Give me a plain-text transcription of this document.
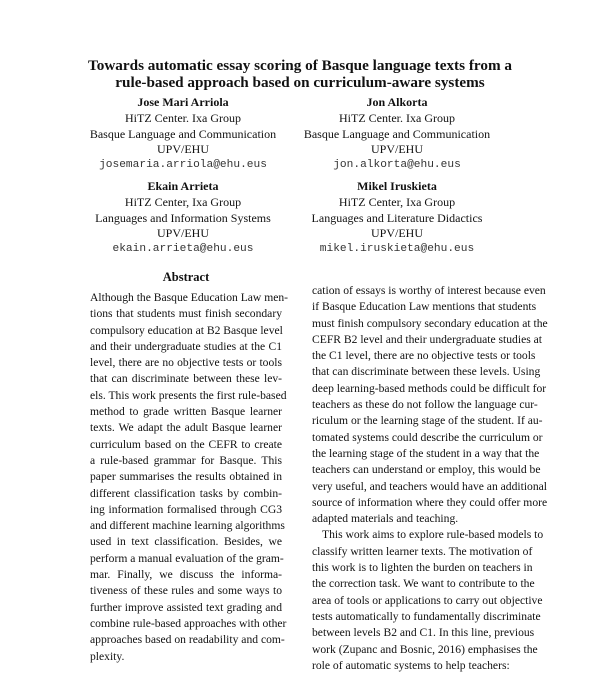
Towards automatic essay scoring of Basque language texts from a
rule-based approach based on curriculum-aware systems
Jose Mari Arriola
HiTZ Center. Ixa Group
Basque Language and Communication
UPV/EHU
josemaria.arriola@ehu.eus
Jon Alkorta
HiTZ Center. Ixa Group
Basque Language and Communication
UPV/EHU
jon.alkorta@ehu.eus
Ekain Arrieta
HiTZ Center, Ixa Group
Languages and Information Systems
UPV/EHU
ekain.arrieta@ehu.eus
Mikel Iruskieta
HiTZ Center, Ixa Group
Languages and Literature Didactics
UPV/EHU
mikel.iruskieta@ehu.eus
Abstract
Although the Basque Education Law men-
tions that students must finish secondary
compulsory education at B2 Basque level
and their undergraduate studies at the C1
level, there are no objective tests or tools
that can discriminate between these lev-
els. This work presents the first rule-based
method to grade written Basque learner
texts. We adapt the adult Basque learner
curriculum based on the CEFR to create
a rule-based grammar for Basque. This
paper summarises the results obtained in
different classification tasks by combin-
ing information formalised through CG3
and different machine learning algorithms
used in text classification. Besides, we
perform a manual evaluation of the gram-
mar. Finally, we discuss the informa-
tiveness of these rules and some ways to
further improve assisted text grading and
combine rule-based approaches with other
approaches based on readability and com-
plexity.
cation of essays is worthy of interest because even
if Basque Education Law mentions that students
must finish compulsory secondary education at the
CEFR B2 level and their undergraduate studies at
the C1 level, there are no objective tests or tools
that can discriminate between these levels. Using
deep learning-based methods could be difficult for
teachers as these do not follow the language cur-
riculum or the learning stage of the student. If au-
tomated systems could describe the curriculum or
the learning stage of the student in a way that the
teachers can understand or employ, this would be
very useful, and teachers would have an additional
source of information where they could offer more
adapted materials and teaching.
This work aims to explore rule-based models to
classify written learner texts. The motivation of
this work is to lighten the burden on teachers in
the correction task. We want to contribute to the
area of tools or applications to carry out objective
tests automatically to fundamentally discriminate
between levels B2 and C1. In this line, previous
work (Zupanc and Bosnic, 2016) emphasises the
role of automatic systems to help teachers:
